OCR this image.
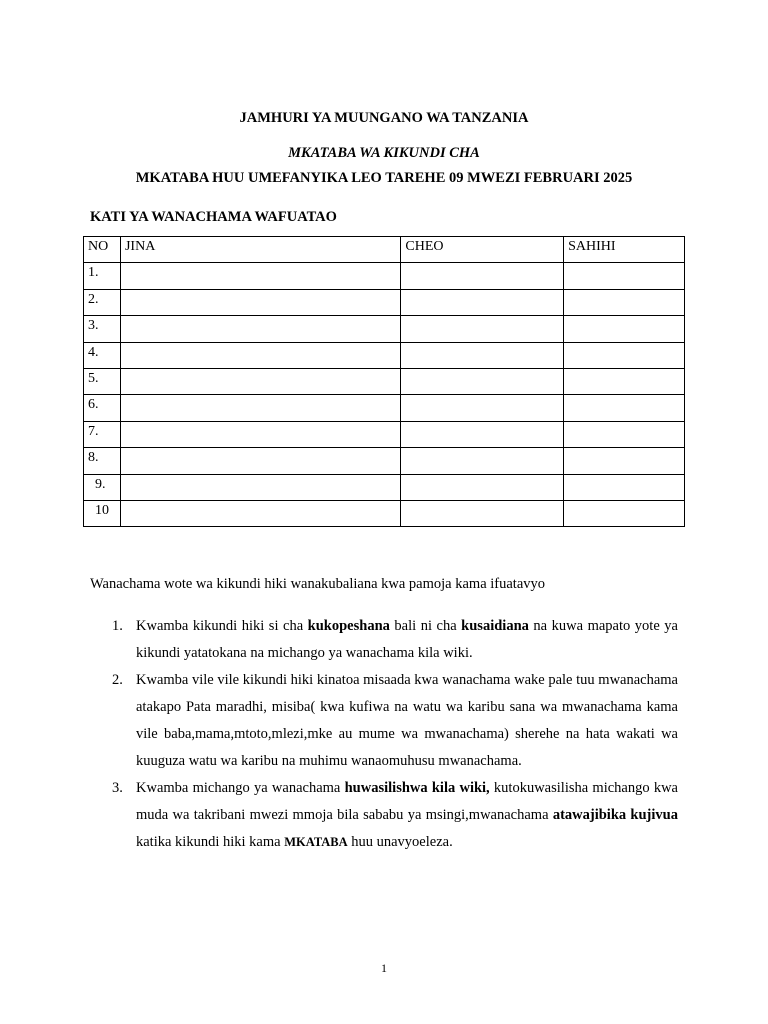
JAMHURI YA MUUNGANO WA TANZANIA
MKATABA WA KIKUNDI CHA
MKATABA HUU UMEFANYIKA LEO TAREHE 09 MWEZI FEBRUARI 2025
KATI YA WANACHAMA WAFUATAO
NO	JINA	CHEO	SAHIHI
1.			
2.			
3.			
4.			
5.			
6.			
7.			
8.			
9.			
10			
Wanachama wote wa kikundi hiki wanakubaliana kwa pamoja kama ifuatavyo
1. Kwamba kikundi hiki si cha kukopeshana bali ni cha kusaidiana na kuwa mapato yote ya kikundi yatatokana na michango ya wanachama kila wiki.
2. Kwamba vile vile kikundi hiki kinatoa misaada kwa wanachama wake pale tuu mwanachama atakapo Pata maradhi, misiba( kwa kufiwa na watu wa karibu sana wa mwanachama kama vile baba,mama,mtoto,mlezi,mke au mume wa mwanachama) sherehe na hata wakati wa kuuguza watu wa karibu na muhimu wanaomuhusu mwanachama.
3. Kwamba michango ya wanachama huwasilishwa kila wiki, kutokuwasilisha michango kwa muda wa takribani mwezi mmoja bila sababu ya msingi,mwanachama atawajibika kujivua katika kikundi hiki kama MKATABA huu unavyoeleza.
1
